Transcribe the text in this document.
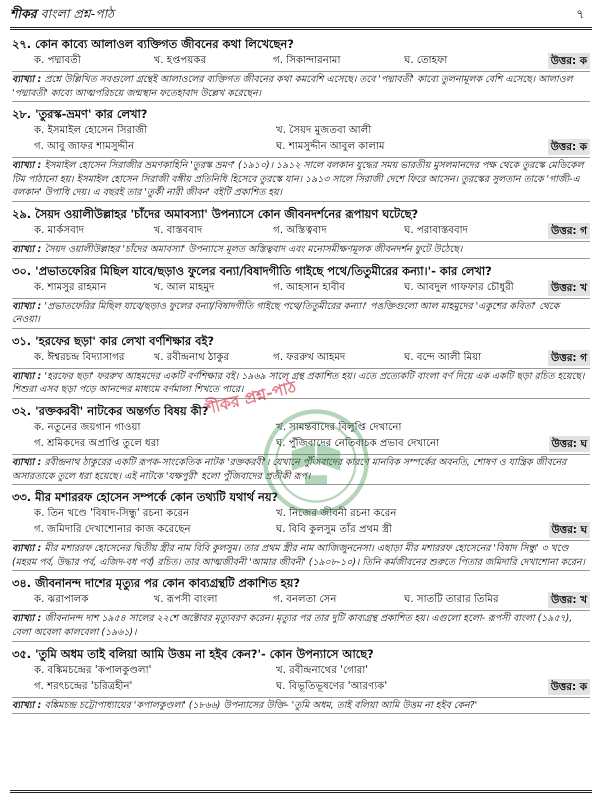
শীকর বাংলা প্রশ্ন-পাঠ	৭
২৭. কোন কাব্যে আলাওল ব্যক্তিগত জীবনের কথা লিখেছেন?
ক. পদ্মাবতী	খ. হপ্তপয়কর	গ. সিকান্দারনামা	ঘ. তোহফা	উত্তর: ক
ব্যাখ্যা : প্রশ্নে উল্লিখিত সবগুলো গ্রন্থেই আলাওলের ব্যক্তিগত জীবনের কথা কমবেশি এসেছে। তবে 'পদ্মাবতী' কাব্যে তুলনামূলক বেশি এসেছে। আলাওল 'পদ্মাবতী' কাব্যে আত্মপরিচয়ে জন্মস্থান ফতেহাবাদ উল্লেখ করেছেন।
২৮. 'তুরস্ক-ভ্রমণ' কার লেখা?
ক. ইসমাইল হোসেন সিরাজী	খ. সৈয়দ মুজতবা আলী
গ. আবু জাফর শামসুদ্দীন	ঘ. শামসুদ্দীন আবুল কালাম	উত্তর: ক
ব্যাখ্যা : ইসমাইল হোসেন সিরাজীর ভ্রমণকাহিনি 'তুরস্ক ভ্রমণ' (১৯১০)। ১৯১২ সালে বলকান যুদ্ধের সময় ভারতীয় মুসলমানদের পক্ষ থেকে তুরস্কে মেডিকেল টিম পাঠানো হয়। ইসমাইল হোসেন সিরাজী বঙ্গীয় প্রতিনিধি হিসেবে তুরস্কে যান। ১৯১৩ সালে সিরাজী দেশে ফিরে আসেন। তুরস্কের সুলতান তাকে 'গাজী-এ বলকান' উপাধি দেয়। এ বছরই তার 'তুর্কী নারী জীবন' বইটি প্রকাশিত হয়।
২৯. সৈয়দ ওয়ালীউল্লাহর 'চাঁদের অমাবস্যা' উপন্যাসে কোন জীবনদর্শনের রূপায়ণ ঘটেছে?
ক. মার্কসবাদ	খ. বাস্তববাদ	গ. অস্তিত্ববাদ	ঘ. পরাবাস্তববাদ	উত্তর: গ
ব্যাখ্যা : সৈয়দ ওয়ালীউল্লাহর 'চাঁদের অমাবস্যা' উপন্যাসে মূলত অস্তিত্ববাদ এবং মনোসমীক্ষণমূলক জীবনদর্শন ফুটে উঠেছে।
৩০. 'প্রভাতফেরির মিছিল যাবে/ছড়াও ফুলের বন্যা/বিষাদগীতি গাইছে পথে/তিতুমীরের কন্যা।'- কার লেখা?
ক. শামসুর রাহমান	খ. আল মাহমুদ	গ. আহসান হাবীব	ঘ. আবদুল গাফফার চৌধুরী	উত্তর: খ
ব্যাখ্যা : 'প্রভাতফেরির মিছিল যাবে/ছড়াও ফুলের বন্যা/বিষাদগীতি গাইছে পথে/তিতুমীরের কন্যা।' পঙক্তিগুলো আল মাহমুদের 'একুশের কবিতা' থেকে নেওয়া।
৩১. 'হরফের ছড়া' কার লেখা বর্ণশিক্ষার বই?
ক. ঈশ্বরচন্দ্র বিদ্যাসাগর	খ. রবীন্দ্রনাথ ঠাকুর	গ. ফররুখ আহমদ	ঘ. বন্দে আলী মিয়া	উত্তর: গ
ব্যাখ্যা : 'হরফের ছড়া' ফররুখ আহমদের একটি বর্ণশিক্ষার বই। ১৯৬৯ সালে গ্রন্থ প্রকাশিত হয়। এতে প্রত্যেকটি বাংলা বর্ণ দিয়ে এক একটি ছড়া রচিত হয়েছে। শিশুরা এসব ছড়া পড়ে আনন্দের মাধ্যমে বর্ণমালা শিখতে পারে।
৩২. 'রক্তকরবী' নাটকের অন্তর্গত বিষয় কী?
ক. নতুনের জয়গান গাওয়া	খ. সামন্তবাদের বিলুপ্তি দেখানো
গ. শ্রমিকদের অপ্রাপ্তি তুলে ধরা	ঘ. পুঁজিবাদের নেতিবাচক প্রভাব দেখানো	উত্তর: ঘ
ব্যাখ্যা : রবীন্দ্রনাথ ঠাকুরের একটি রূপক-সাংকেতিক নাটক 'রক্তকরবী'। যেখানে পুঁজিবাদের কারণে মানবিক সম্পর্কের অবনতি, শোষণ ও যান্ত্রিক জীবনের অসারতাকে তুলে ধরা হয়েছে। এই নাটকে 'যক্ষপুরী' হলো পুঁজিবাদের প্রতীকী রূপ।
৩৩. মীর মশাররফ হোসেন সম্পর্কে কোন তথ্যটি যথার্থ নয়?
ক. তিন খণ্ডে 'বিষাদ-সিন্ধু' রচনা করেন	খ. নিজের জীবনী রচনা করেন
গ. জমিদারি দেখাশোনার কাজ করেছেন	ঘ. বিবি কুলসুম তাঁর প্রথম স্ত্রী	উত্তর: ঘ
ব্যাখ্যা : মীর মশাররফ হোসেনের দ্বিতীয় স্ত্রীর নাম বিবি কুলসুম। তার প্রথম স্ত্রীর নাম আজিজুননেসা। এছাড়া মীর মশাররফ হোসেনের 'বিষাদ সিন্ধু' ৩ খণ্ডে (মহরম পর্ব, উদ্ধার পর্ব, এজিদ-বধ পর্ব) রচিত। তার আত্মজীবনী 'আমার জীবনী' (১৯০৮-১০)। তিনি কর্মজীবনের শুরুতে পিতার জমিদারি দেখাশোনা করেন।
৩৪. জীবনানন্দ দাশের মৃত্যুর পর কোন কাব্যগ্রন্থটি প্রকাশিত হয়?
ক. ঝরাপালক	খ. রূপসী বাংলা	গ. বনলতা সেন	ঘ. সাতটি তারার তিমির	উত্তর: খ
ব্যাখ্যা : জীবনানন্দ দাশ ১৯৫৪ সালের ২২শে অক্টোবর মৃত্যুবরণ করেন। মৃত্যুর পর তার দুটি কাব্যগ্রন্থ প্রকাশিত হয়। এগুলো হলো- রূপসী বাংলা (১৯৫৭), বেলা অবেলা কালবেলা (১৯৬১)।
৩৫. 'তুমি অধম তাই বলিয়া আমি উত্তম না হইব কেন?'- কোন উপন্যাসে আছে?
ক. বঙ্কিমচন্দ্রের 'কপালকুণ্ডলা'	খ. রবীন্দ্রনাথের 'গোরা'
গ. শরৎচন্দ্রের 'চরিত্রহীন'	ঘ. বিভূতিভূষণের 'আরণ্যক'	উত্তর: ক
ব্যাখ্যা : বঙ্কিমচন্দ্র চট্টোপাধ্যায়ের 'কপালকুণ্ডলা' (১৮৬৬) উপন্যাসের উক্তি- 'তুমি অধম, তাই বলিয়া আমি উত্তম না হইব কেন?'
শীকর প্রশ্ন-পাঠ
